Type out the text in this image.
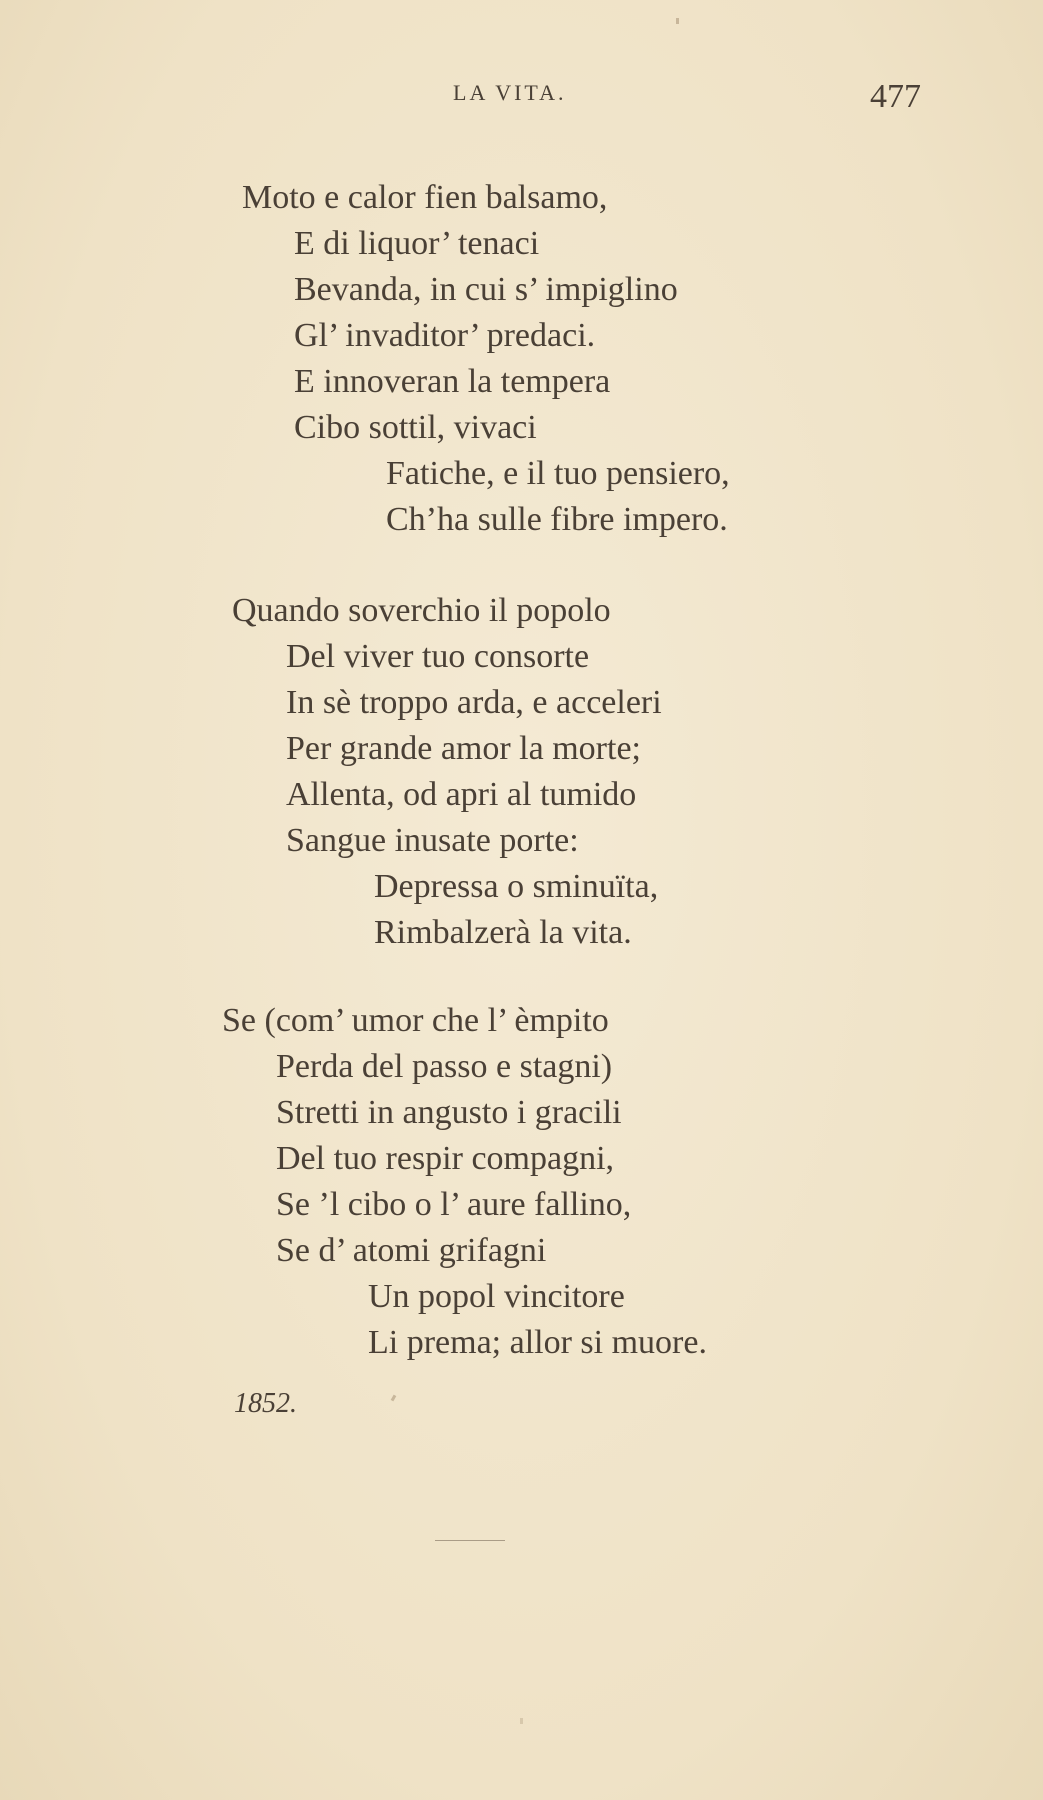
LA VITA.	477
Moto e calor fien balsamo,
E di liquor’ tenaci
Bevanda, in cui s’ impiglino
Gl’ invaditor’ predaci.
E innoveran la tempera
Cibo sottil, vivaci
Fatiche, e il tuo pensiero,
Ch’ha sulle fibre impero.
Quando soverchio il popolo
Del viver tuo consorte
In sè troppo arda, e acceleri
Per grande amor la morte;
Allenta, od apri al tumido
Sangue inusate porte:
Depressa o sminuïta,
Rimbalzerà la vita.
Se (com’ umor che l’ èmpito
Perda del passo e stagni)
Stretti in angusto i gracili
Del tuo respir compagni,
Se ’l cibo o l’ aure fallino,
Se d’ atomi grifagni
Un popol vincitore
Li prema; allor si muore.
1852.
